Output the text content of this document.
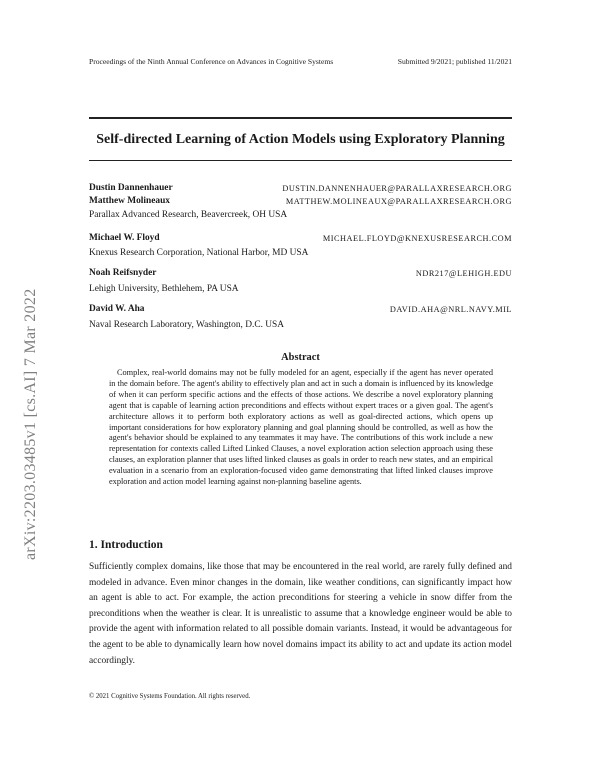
Proceedings of the Ninth Annual Conference on Advances in Cognitive Systems	Submitted 9/2021; published 11/2021
Self-directed Learning of Action Models using Exploratory Planning
Dustin Dannenhauer	DUSTIN.DANNENHAUER@PARALLAXRESEARCH.ORG
Matthew Molineaux	MATTHEW.MOLINEAUX@PARALLAXRESEARCH.ORG
Parallax Advanced Research, Beavercreek, OH USA
Michael W. Floyd	MICHAEL.FLOYD@KNEXUSRESEARCH.COM
Knexus Research Corporation, National Harbor, MD USA
Noah Reifsnyder	NDR217@LEHIGH.EDU
Lehigh University, Bethlehem, PA USA
David W. Aha	DAVID.AHA@NRL.NAVY.MIL
Naval Research Laboratory, Washington, D.C. USA
Abstract
Complex, real-world domains may not be fully modeled for an agent, especially if the agent has never operated in the domain before. The agent's ability to effectively plan and act in such a domain is influenced by its knowledge of when it can perform specific actions and the effects of those actions. We describe a novel exploratory planning agent that is capable of learning action preconditions and effects without expert traces or a given goal. The agent's architecture allows it to perform both exploratory actions as well as goal-directed actions, which opens up important considerations for how exploratory planning and goal planning should be controlled, as well as how the agent's behavior should be explained to any teammates it may have. The contributions of this work include a new representation for contexts called Lifted Linked Clauses, a novel exploration action selection approach using these clauses, an exploration planner that uses lifted linked clauses as goals in order to reach new states, and an empirical evaluation in a scenario from an exploration-focused video game demonstrating that lifted linked clauses improve exploration and action model learning against non-planning baseline agents.
1. Introduction
Sufficiently complex domains, like those that may be encountered in the real world, are rarely fully defined and modeled in advance. Even minor changes in the domain, like weather conditions, can significantly impact how an agent is able to act. For example, the action preconditions for steering a vehicle in snow differ from the preconditions when the weather is clear. It is unrealistic to assume that a knowledge engineer would be able to provide the agent with information related to all possible domain variants. Instead, it would be advantageous for the agent to be able to dynamically learn how novel domains impact its ability to act and update its action model accordingly.
© 2021 Cognitive Systems Foundation. All rights reserved.
arXiv:2203.03485v1 [cs.AI] 7 Mar 2022
